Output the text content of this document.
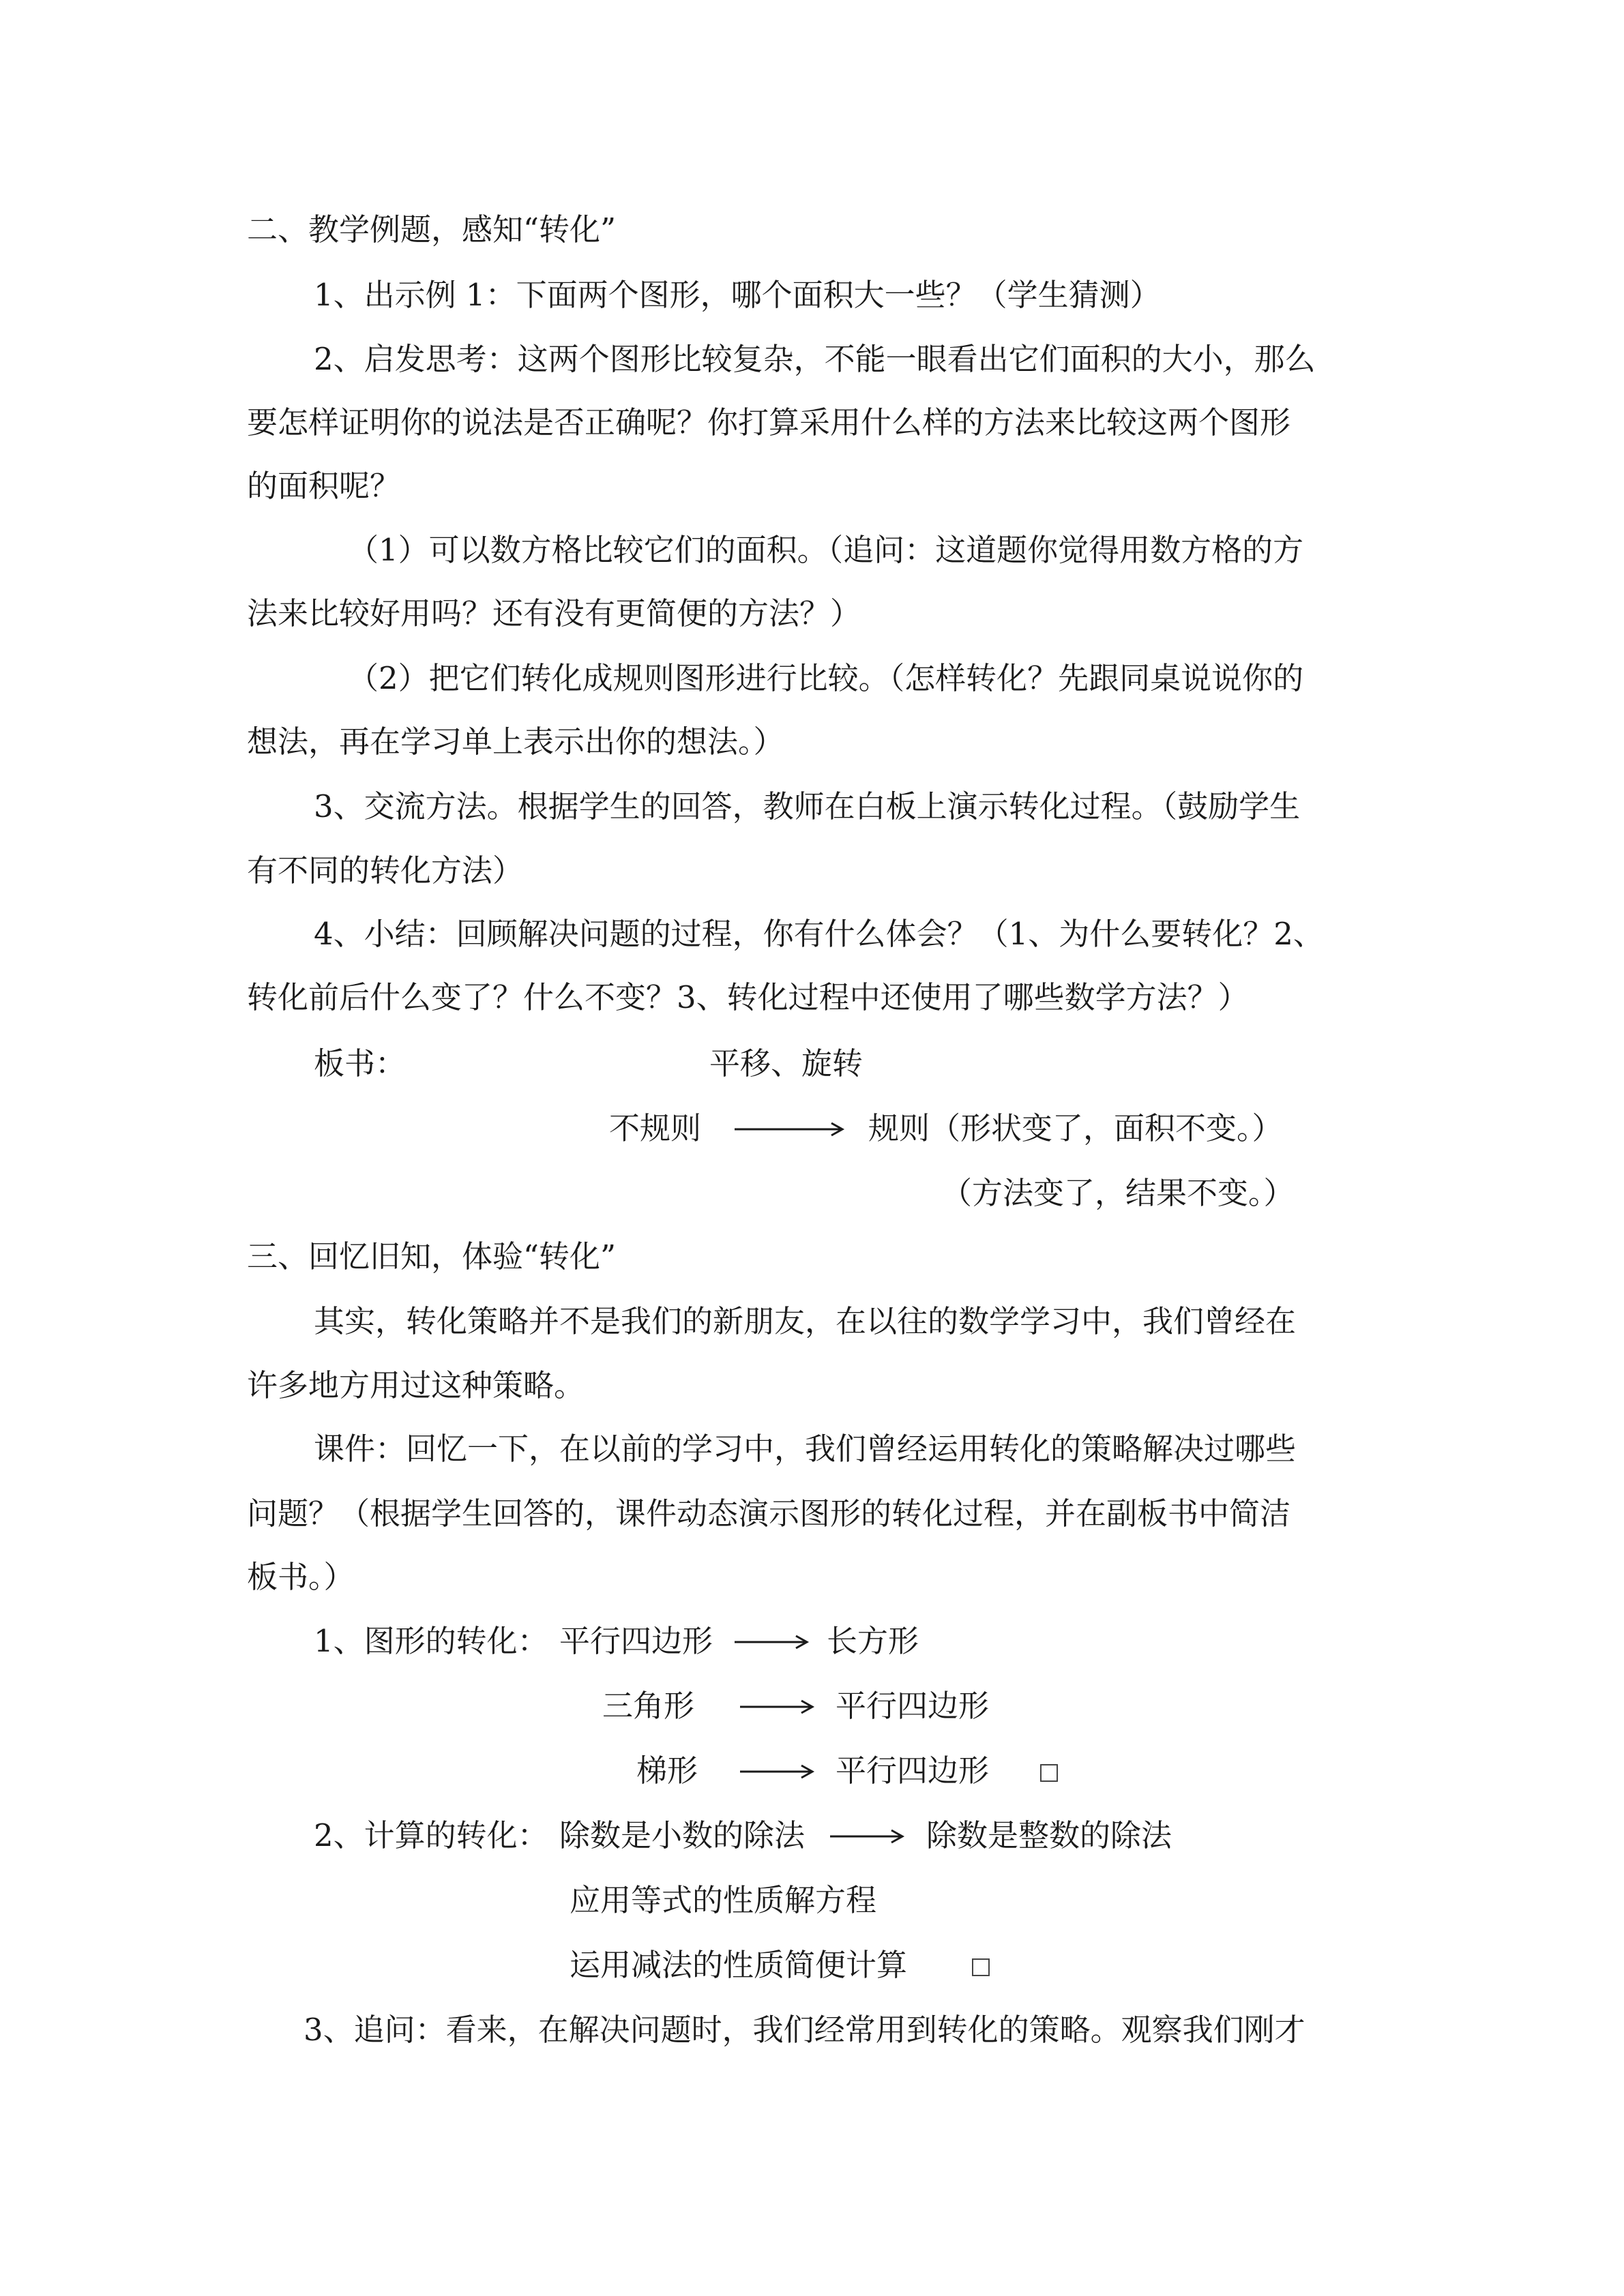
二、教学例题，感知“转化”
1、出示例 1：下面两个图形，哪个面积大一些？（学生猜测）
2、启发思考：这两个图形比较复杂，不能一眼看出它们面积的大小，那么
要怎样证明你的说法是否正确呢？你打算采用什么样的方法来比较这两个图形
的面积呢？
（1）可以数方格比较它们的面积。（追问：这道题你觉得用数方格的方
法来比较好用吗？还有没有更简便的方法？）
（2）把它们转化成规则图形进行比较。（怎样转化？先跟同桌说说你的
想法，再在学习单上表示出你的想法。）
3、交流方法。根据学生的回答，教师在白板上演示转化过程。（鼓励学生
有不同的转化方法）
4、小结：回顾解决问题的过程，你有什么体会？（1、为什么要转化？2、
转化前后什么变了？什么不变？3、转化过程中还使用了哪些数学方法？）
板书：	平移、旋转
不规则	规则（形状变了，面积不变。）
（方法变了，结果不变。）
三、回忆旧知，体验“转化”
其实，转化策略并不是我们的新朋友，在以往的数学学习中，我们曾经在
许多地方用过这种策略。
课件：回忆一下，在以前的学习中，我们曾经运用转化的策略解决过哪些
问题？（根据学生回答的，课件动态演示图形的转化过程，并在副板书中简洁
板书。）
1、图形的转化： 平行四边形	长方形
三角形	平行四边形
梯形	平行四边形
2、计算的转化： 除数是小数的除法	除数是整数的除法
应用等式的性质解方程
运用减法的性质简便计算
3、追问：看来，在解决问题时，我们经常用到转化的策略。观察我们刚才
